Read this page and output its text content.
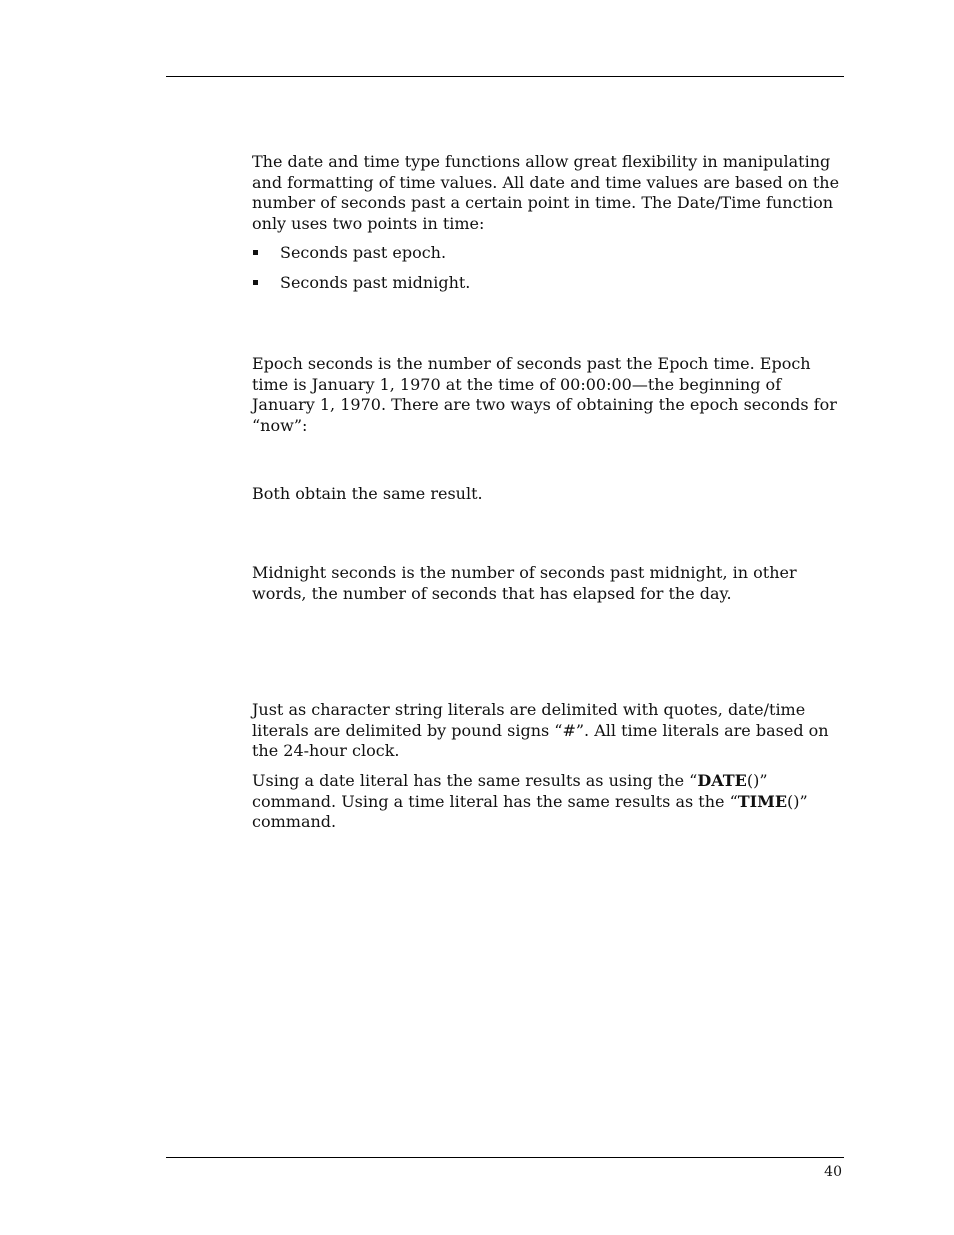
The date and time type functions allow great flexibility in manipulating and formatting of time values. All date and time values are based on the number of seconds past a certain point in time. The Date/Time function only uses two points in time:

Seconds past epoch.
Seconds past midnight.

Epoch seconds is the number of seconds past the Epoch time. Epoch time is January 1, 1970 at the time of 00:00:00—the beginning of January 1, 1970. There are two ways of obtaining the epoch seconds for “now”:

Both obtain the same result.

Midnight seconds is the number of seconds past midnight, in other words, the number of seconds that has elapsed for the day.

Just as character string literals are delimited with quotes, date/time literals are delimited by pound signs “#”. All time literals are based on the 24-hour clock.

Using a date literal has the same results as using the “DATE()” command. Using a time literal has the same results as the “TIME()” command.

40
